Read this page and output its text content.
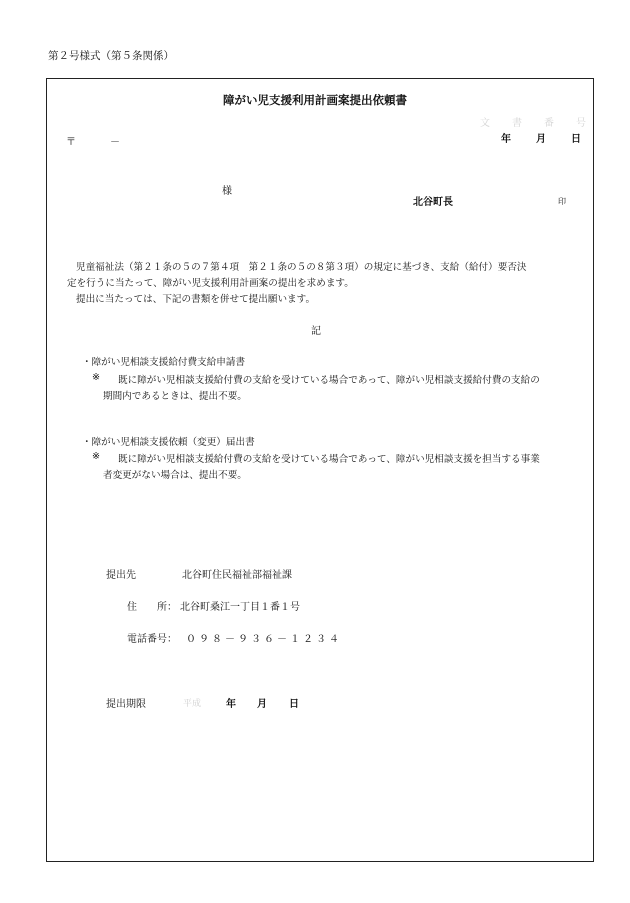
第２号様式（第５条関係）
障がい児支援利用計画案提出依頼書
文　書　番　号
年	月	日
〒	－
様
北谷町長	印
児童福祉法（第２１条の５の７第４項　第２１条の５の８第３項）の規定に基づき、支給（給付）要否決
定を行うに当たって、障がい児支援利用計画案の提出を求めます。
提出に当たっては、下記の書類を併せて提出願います。
記
・障がい児相談支援給付費支給申請書
※ 既に障がい児相談支援給付費の支給を受けている場合であって、障がい児相談支援給付費の支給の
期間内であるときは、提出不要。
・障がい児相談支援依頼（変更）届出書
※ 既に障がい児相談支援給付費の支給を受けている場合であって、障がい児相談支援を担当する事業
者変更がない場合は、提出不要。
提出先	北谷町住民福祉部福祉課
住　　所： 北谷町桑江一丁目１番１号
電話番号： ０９８－９３６－１２３４
提出期限	平成 年 月 日
